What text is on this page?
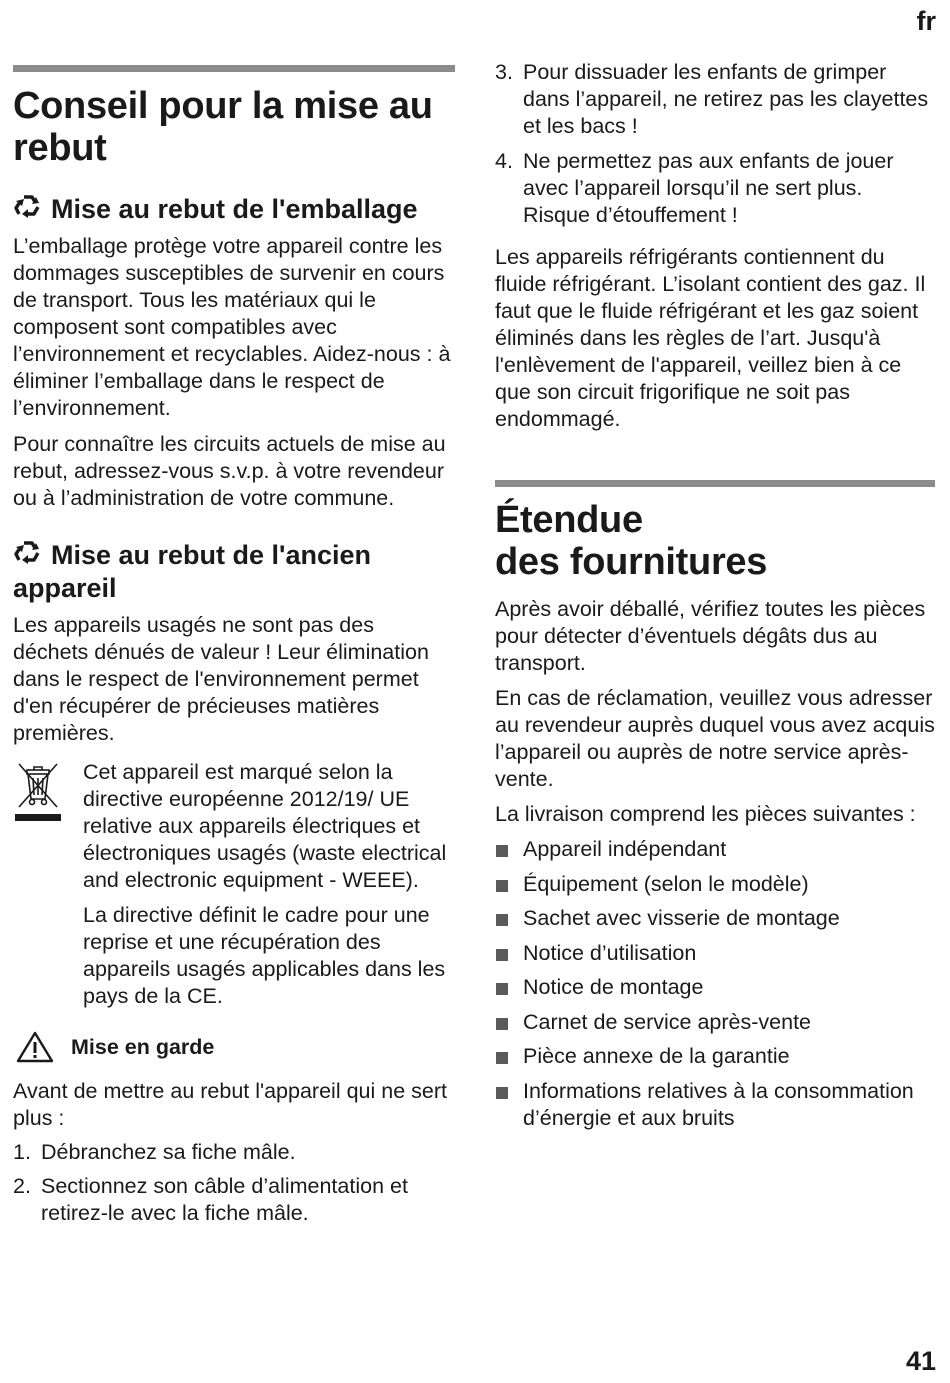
fr
Conseil pour la mise au rebut
Mise au rebut de l'emballage

L’emballage protège votre appareil contre les dommages susceptibles de survenir en cours de transport. Tous les matériaux qui le composent sont compatibles avec l’environnement et recyclables. Aidez-nous : à éliminer l’emballage dans le respect de l’environnement.

Pour connaître les circuits actuels de mise au rebut, adressez-vous s.v.p. à votre revendeur ou à l’administration de votre commune.

Mise au rebut de l'ancien appareil

Les appareils usagés ne sont pas des déchets dénués de valeur ! Leur élimination dans le respect de l'environnement permet d'en récupérer de précieuses matières premières.

Cet appareil est marqué selon la directive européenne 2012/19/ UE relative aux appareils électriques et électroniques usagés (waste electrical and electronic equipment - WEEE).

La directive définit le cadre pour une reprise et une récupération des appareils usagés applicables dans les pays de la CE.

Mise en garde

Avant de mettre au rebut l'appareil qui ne sert plus :

1. Débranchez sa fiche mâle.
2. Sectionnez son câble d’alimentation et retirez-le avec la fiche mâle.
3. Pour dissuader les enfants de grimper dans l’appareil, ne retirez pas les clayettes et les bacs !
4. Ne permettez pas aux enfants de jouer avec l’appareil lorsqu’il ne sert plus. Risque d’étouffement !

Les appareils réfrigérants contiennent du fluide réfrigérant. L’isolant contient des gaz. Il faut que le fluide réfrigérant et les gaz soient éliminés dans les règles de l’art. Jusqu'à l'enlèvement de l'appareil, veillez bien à ce que son circuit frigorifique ne soit pas endommagé.

Étendue
des fournitures

Après avoir déballé, vérifiez toutes les pièces pour détecter d’éventuels dégâts dus au transport.

En cas de réclamation, veuillez vous adresser au revendeur auprès duquel vous avez acquis l’appareil ou auprès de notre service après-vente.

La livraison comprend les pièces suivantes :

Appareil indépendant
Équipement (selon le modèle)
Sachet avec visserie de montage
Notice d’utilisation
Notice de montage
Carnet de service après-vente
Pièce annexe de la garantie
Informations relatives à la consommation d’énergie et aux bruits
41
